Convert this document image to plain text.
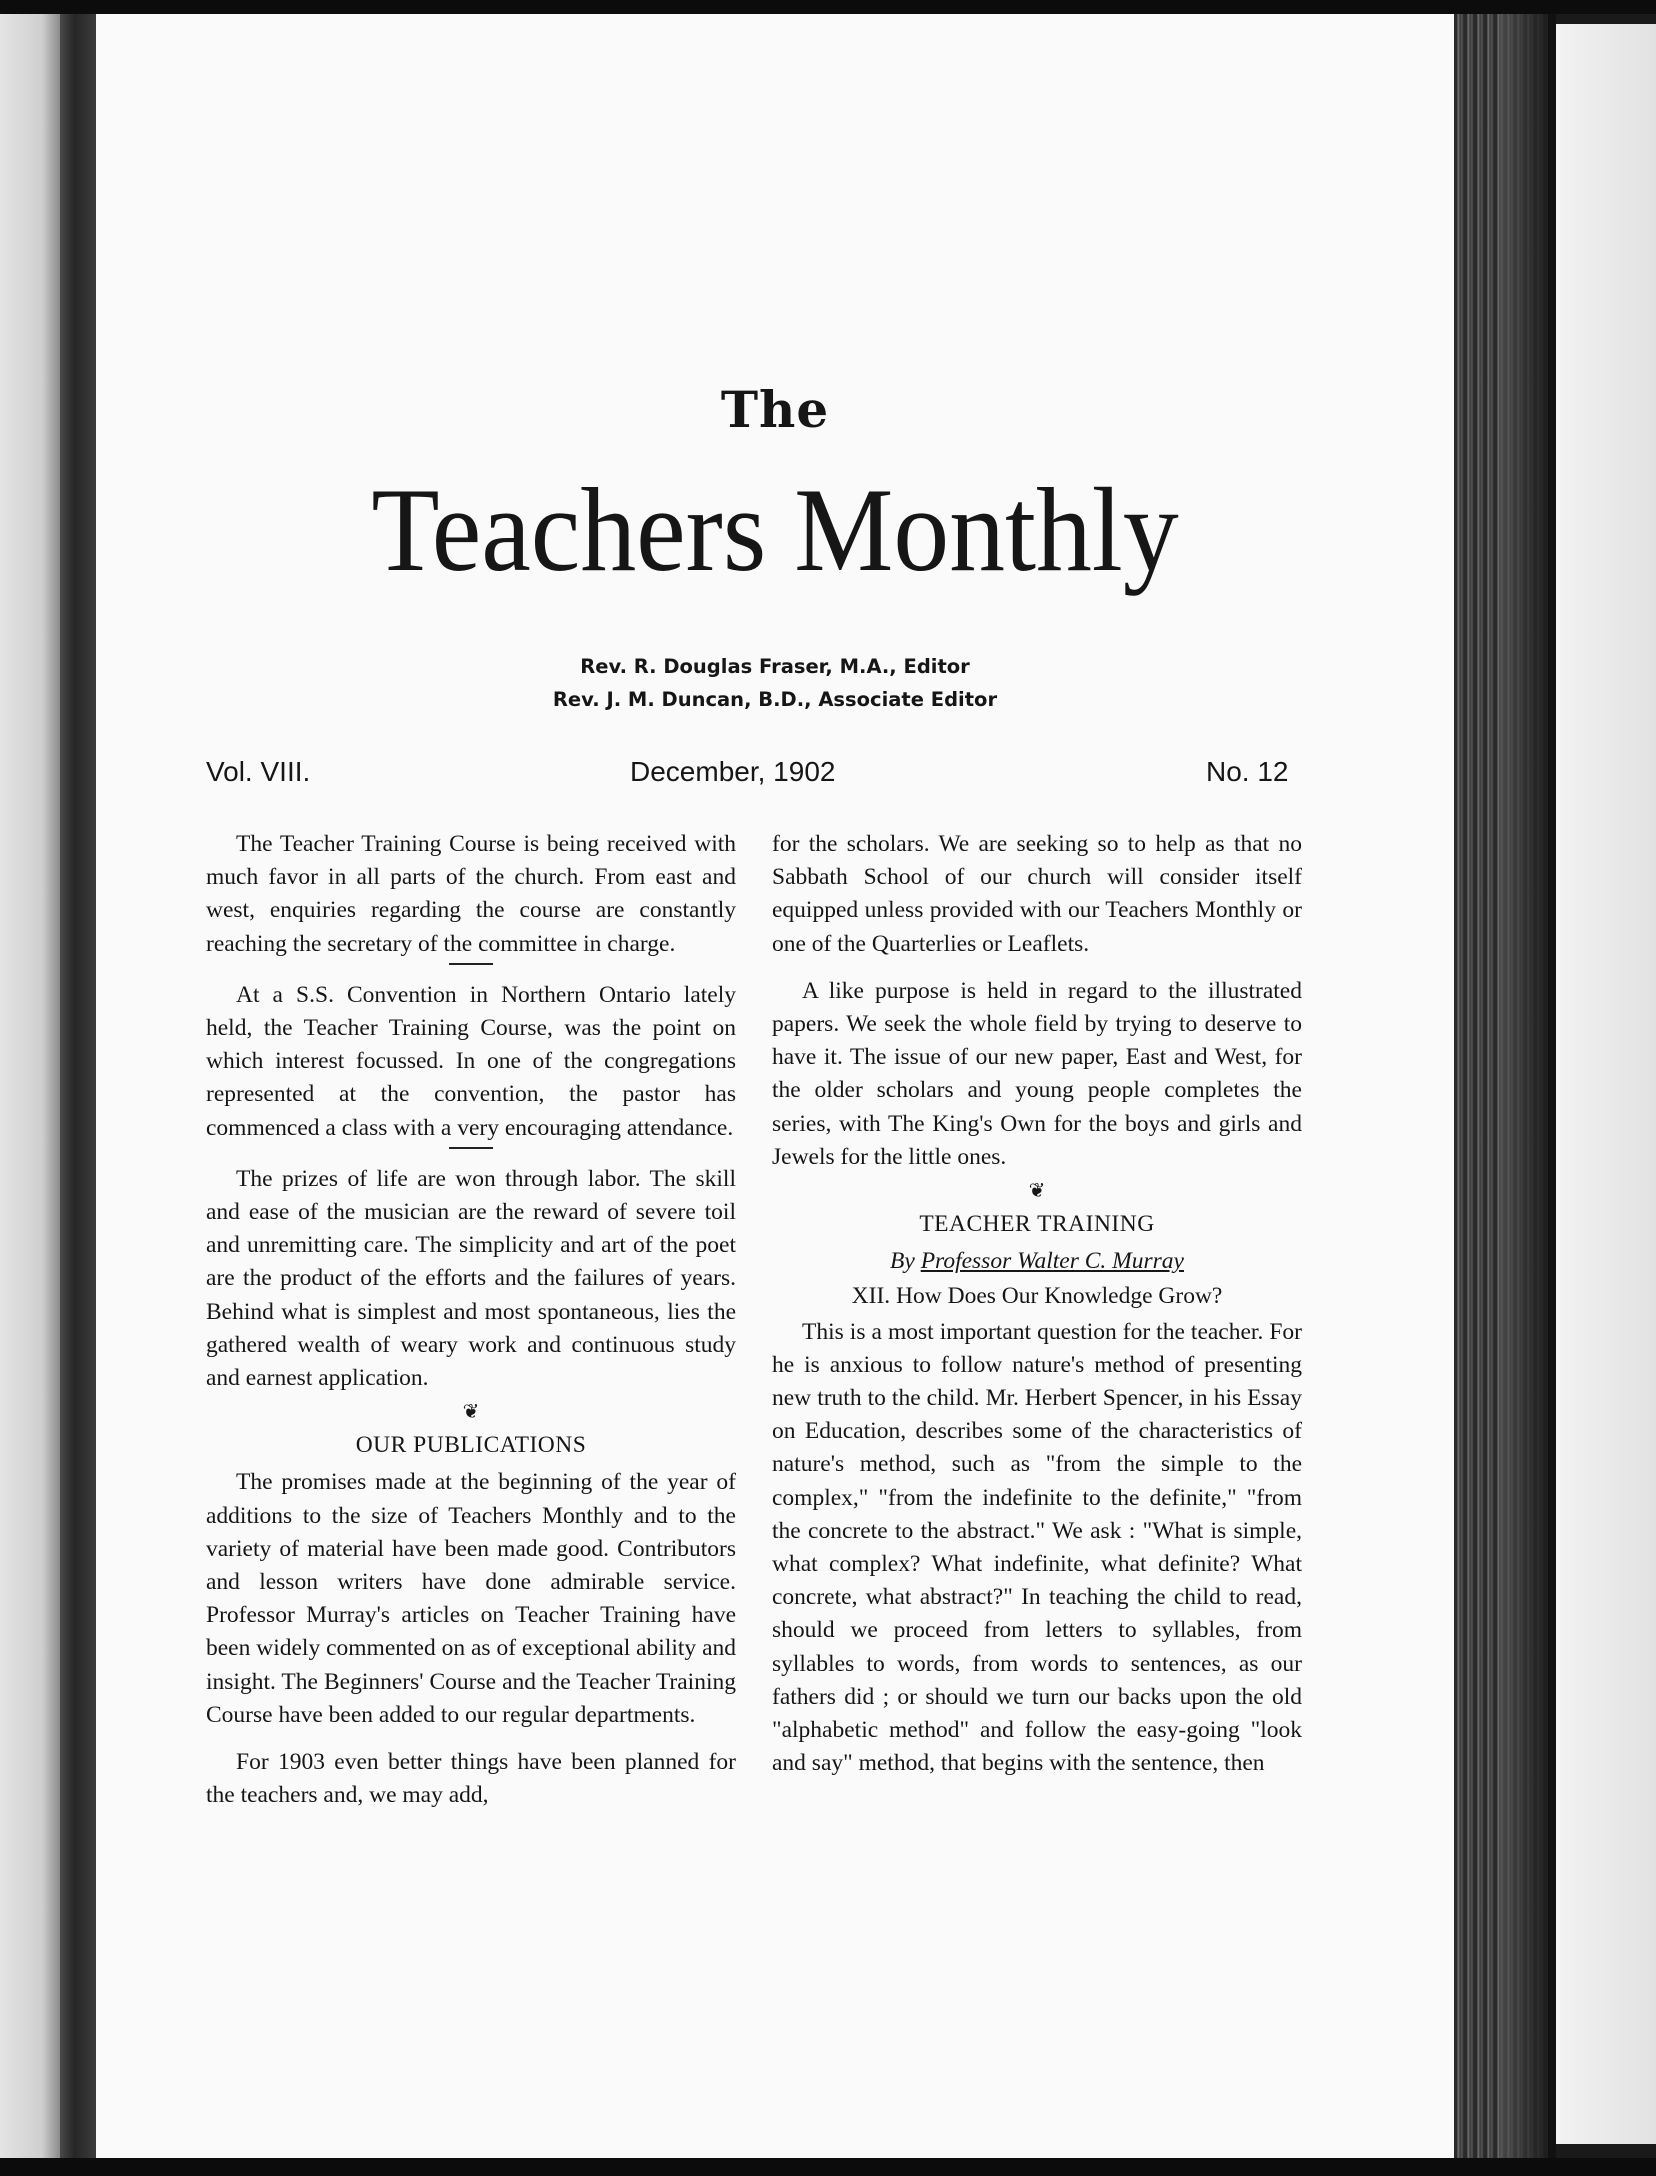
The
Teachers Monthly
Rev. R. Douglas Fraser, M.A., Editor
Rev. J. M. Duncan, B.D., Associate Editor
Vol. VIII.	December, 1902	No. 12

The Teacher Training Course is being received with much favor in all parts of the church. From east and west, enquiries regarding the course are constantly reaching the secretary of the committee in charge.

At a S.S. Convention in Northern Ontario lately held, the Teacher Training Course, was the point on which interest focussed. In one of the congregations represented at the convention, the pastor has commenced a class with a very encouraging attendance.

The prizes of life are won through labor. The skill and ease of the musician are the reward of severe toil and unremitting care. The simplicity and art of the poet are the product of the efforts and the failures of years. Behind what is simplest and most spontaneous, lies the gathered wealth of weary work and continuous study and earnest application.

❦
OUR PUBLICATIONS

The promises made at the beginning of the year of additions to the size of Teachers Monthly and to the variety of material have been made good. Contributors and lesson writers have done admirable service. Professor Murray's articles on Teacher Training have been widely commented on as of exceptional ability and insight. The Beginners' Course and the Teacher Training Course have been added to our regular departments.

For 1903 even better things have been planned for the teachers and, we may add,

for the scholars. We are seeking so to help as that no Sabbath School of our church will consider itself equipped unless provided with our Teachers Monthly or one of the Quarterlies or Leaflets.

A like purpose is held in regard to the illustrated papers. We seek the whole field by trying to deserve to have it. The issue of our new paper, East and West, for the older scholars and young people completes the series, with The King's Own for the boys and girls and Jewels for the little ones.

❦
TEACHER TRAINING
By Professor Walter C. Murray
XII. How Does Our Knowledge Grow?

This is a most important question for the teacher. For he is anxious to follow nature's method of presenting new truth to the child. Mr. Herbert Spencer, in his Essay on Education, describes some of the characteristics of nature's method, such as "from the simple to the complex," "from the indefinite to the definite," "from the concrete to the abstract." We ask : "What is simple, what complex? What indefinite, what definite? What concrete, what abstract?" In teaching the child to read, should we proceed from letters to syllables, from syllables to words, from words to sentences, as our fathers did ; or should we turn our backs upon the old "alphabetic method" and follow the easy-going "look and say" method, that begins with the sentence, then
